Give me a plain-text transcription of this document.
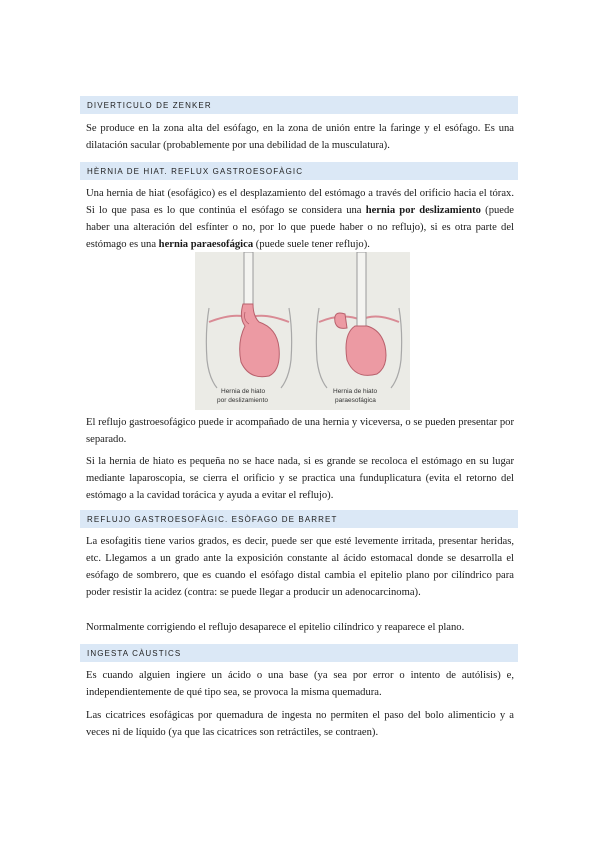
DIVERTICULO DE ZENKER

Se produce en la zona alta del esófago, en la zona de unión entre la faringe y el esófago. Es una dilatación sacular (probablemente por una debilidad de la musculatura).

HÈRNIA DE HIAT. REFLUX GASTROESOFÀGIC

Una hernia de hiat (esofágico) es el desplazamiento del estómago a través del orificio hacia el tórax. Si lo que pasa es lo que continúa el esófago se considera una hernia por deslizamiento (puede haber una alteración del esfínter o no, por lo que puede haber o no reflujo), si es otra parte del estómago es una hernia paraesofágica (puede suele tener reflujo).

Hernia de hiato
por deslizamiento
Hernia de hiato
paraesofágica

El reflujo gastroesofágico puede ir acompañado de una hernia y viceversa, o se pueden presentar por separado.

Si la hernia de hiato es pequeña no se hace nada, si es grande se recoloca el estómago en su lugar mediante laparoscopia, se cierra el orificio y se practica una funduplicatura (evita el retorno del estómago a la cavidad torácica y ayuda a evitar el reflujo).

REFLUJO GASTROESOFÀGIC. ESÒFAGO DE BARRET

La esofagitis tiene varios grados, es decir, puede ser que esté levemente irritada, presentar heridas, etc. Llegamos a un grado ante la exposición constante al ácido estomacal donde se desarrolla el esófago de sombrero, que es cuando el esófago distal cambia el epitelio plano por cilíndrico para poder resistir la acidez (contra: se puede llegar a producir un adenocarcinoma).

Normalmente corrigiendo el reflujo desaparece el epitelio cilíndrico y reaparece el plano.

INGESTA CÀUSTICS

Es cuando alguien ingiere un ácido o una base (ya sea por error o intento de autólisis) e, independientemente de qué tipo sea, se provoca la misma quemadura.

Las cicatrices esofágicas por quemadura de ingesta no permiten el paso del bolo alimenticio y a veces ni de líquido (ya que las cicatrices son retráctiles, se contraen).
